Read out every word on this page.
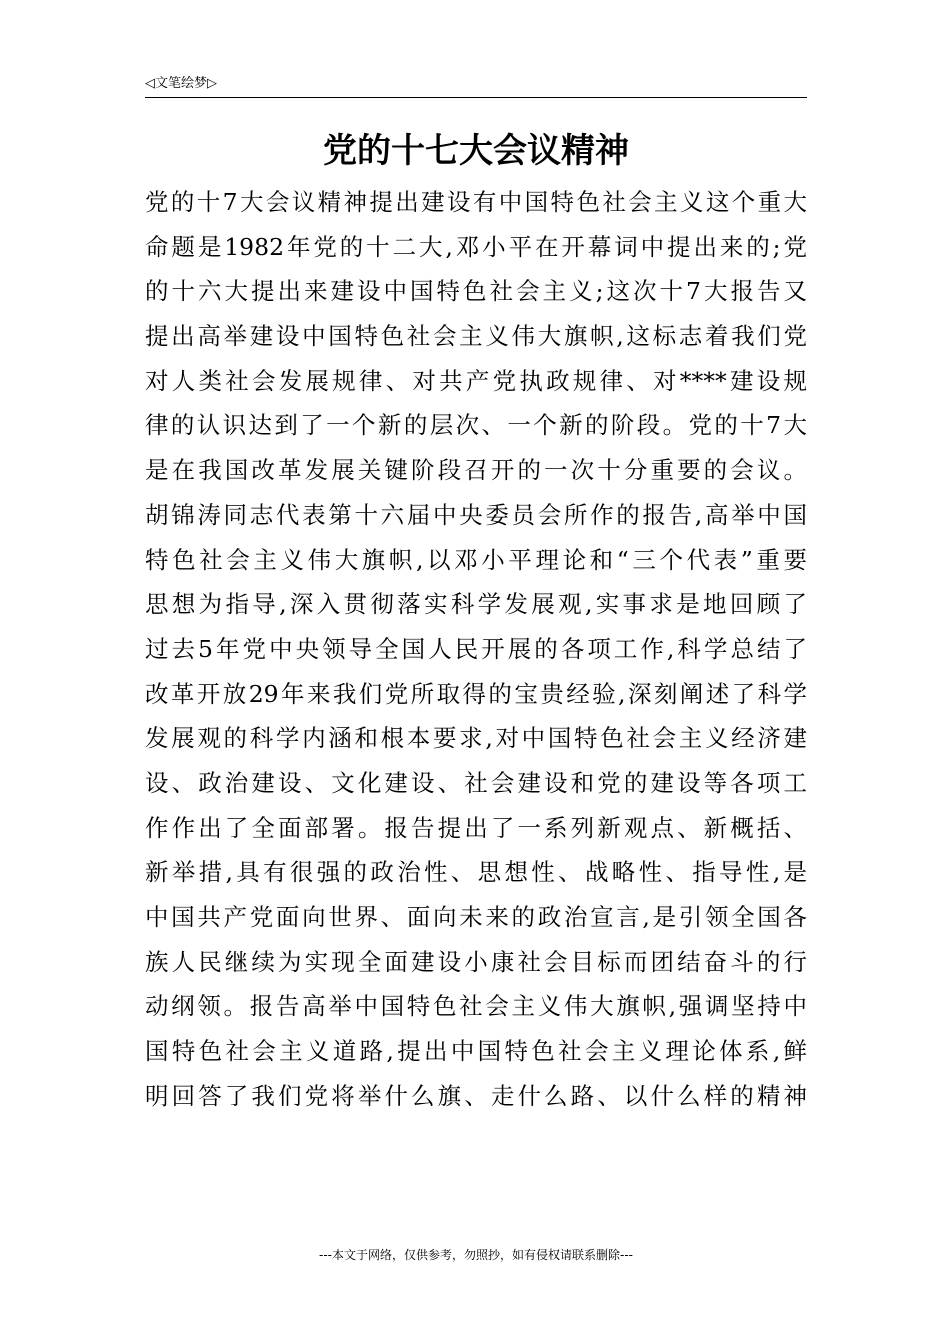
◁文笔绘梦▷
党的十七大会议精神
党的十7大会议精神提出建设有中国特色社会主义这个重大
命题是1982年党的十二大,邓小平在开幕词中提出来的;党
的十六大提出来建设中国特色社会主义;这次十7大报告又
提出高举建设中国特色社会主义伟大旗帜,这标志着我们党
对人类社会发展规律、对共产党执政规律、对****建设规
律的认识达到了一个新的层次、一个新的阶段。党的十7大
是在我国改革发展关键阶段召开的一次十分重要的会议。
胡锦涛同志代表第十六届中央委员会所作的报告,高举中国
特色社会主义伟大旗帜,以邓小平理论和“三个代表”重要
思想为指导,深入贯彻落实科学发展观,实事求是地回顾了
过去5年党中央领导全国人民开展的各项工作,科学总结了
改革开放29年来我们党所取得的宝贵经验,深刻阐述了科学
发展观的科学内涵和根本要求,对中国特色社会主义经济建
设、政治建设、文化建设、社会建设和党的建设等各项工
作作出了全面部署。报告提出了一系列新观点、新概括、
新举措,具有很强的政治性、思想性、战略性、指导性,是
中国共产党面向世界、面向未来的政治宣言,是引领全国各
族人民继续为实现全面建设小康社会目标而团结奋斗的行
动纲领。报告高举中国特色社会主义伟大旗帜,强调坚持中
国特色社会主义道路,提出中国特色社会主义理论体系,鲜
明回答了我们党将举什么旗、走什么路、以什么样的精神
---本文于网络，仅供参考，勿照抄，如有侵权请联系删除---
